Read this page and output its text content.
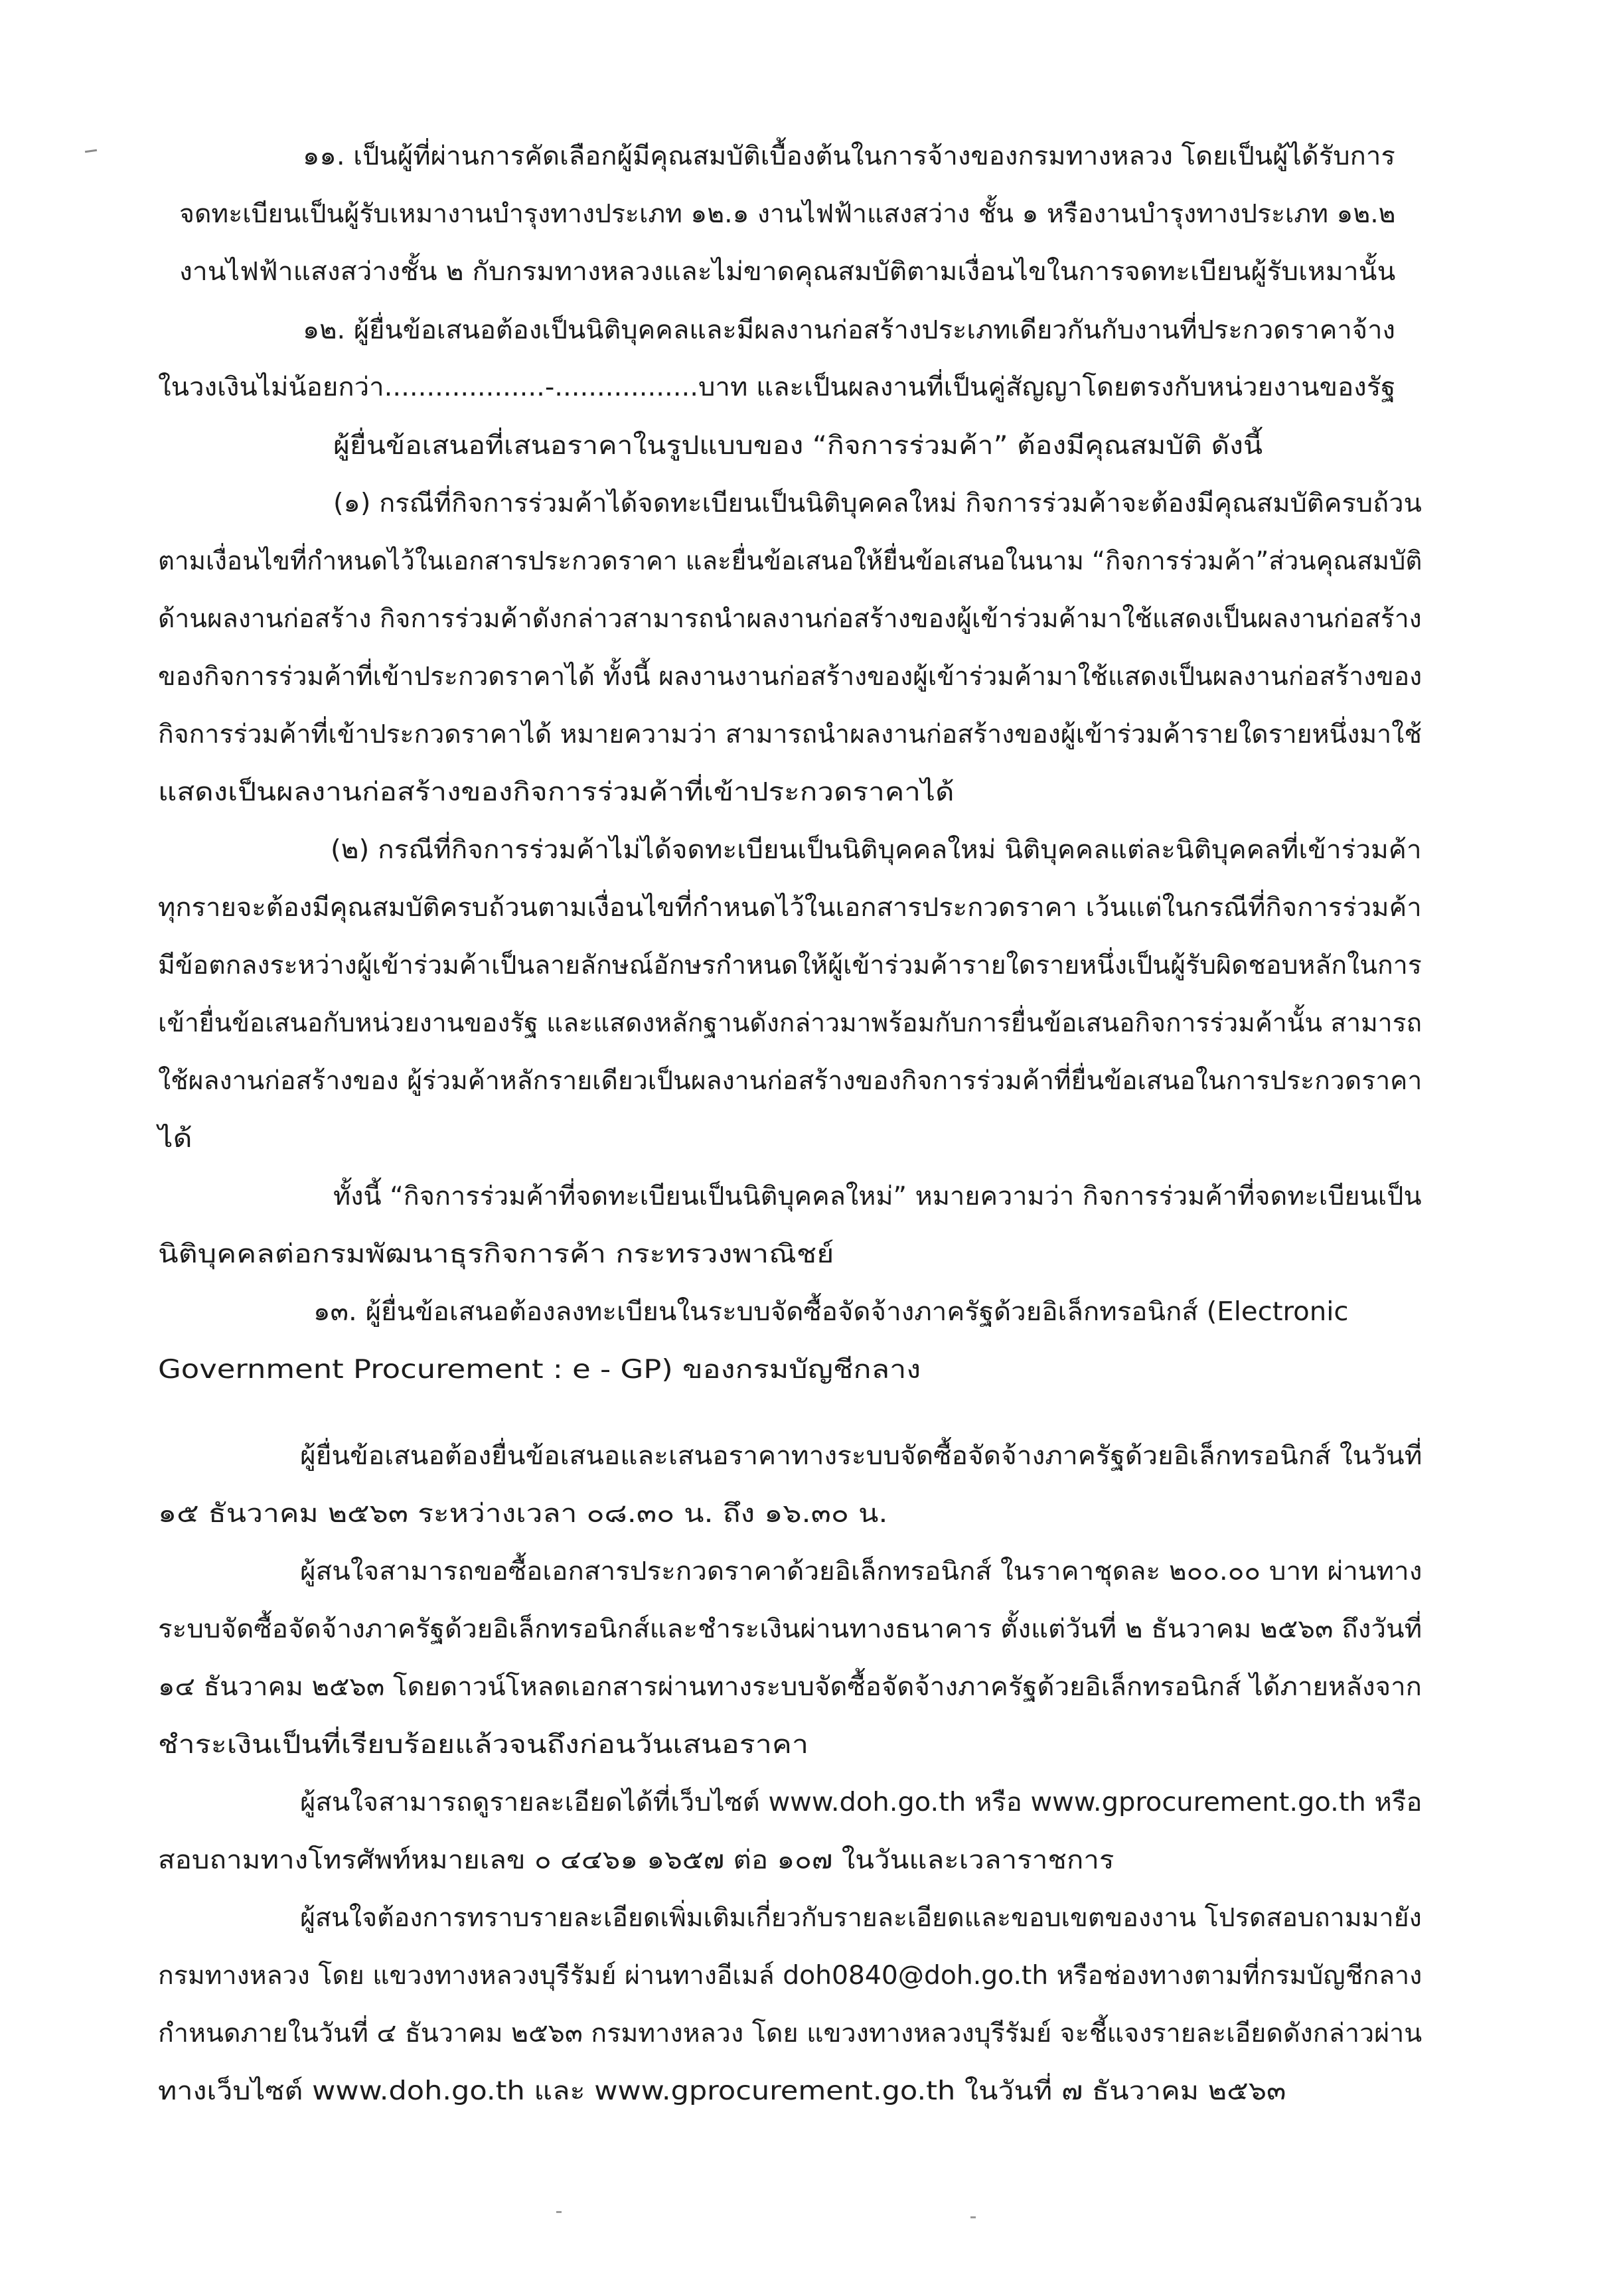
๑๑. เป็นผู้ที่ผ่านการคัดเลือกผู้มีคุณสมบัติเบื้องต้นในการจ้างของกรมทางหลวง โดยเป็นผู้ได้รับการ
จดทะเบียนเป็นผู้รับเหมางานบำรุงทางประเภท ๑๒.๑ งานไฟฟ้าแสงสว่าง ชั้น ๑ หรืองานบำรุงทางประเภท ๑๒.๒
งานไฟฟ้าแสงสว่างชั้น ๒ กับกรมทางหลวงและไม่ขาดคุณสมบัติตามเงื่อนไขในการจดทะเบียนผู้รับเหมานั้น
๑๒. ผู้ยื่นข้อเสนอต้องเป็นนิติบุคคลและมีผลงานก่อสร้างประเภทเดียวกันกับงานที่ประกวดราคาจ้าง
ในวงเงินไม่น้อยกว่า...................-.................บาท และเป็นผลงานที่เป็นคู่สัญญาโดยตรงกับหน่วยงานของรัฐ
ผู้ยื่นข้อเสนอที่เสนอราคาในรูปแบบของ “กิจการร่วมค้า” ต้องมีคุณสมบัติ ดังนี้
(๑) กรณีที่กิจการร่วมค้าได้จดทะเบียนเป็นนิติบุคคลใหม่ กิจการร่วมค้าจะต้องมีคุณสมบัติครบถ้วน
ตามเงื่อนไขที่กำหนดไว้ในเอกสารประกวดราคา และยื่นข้อเสนอให้ยื่นข้อเสนอในนาม “กิจการร่วมค้า”ส่วนคุณสมบัติ
ด้านผลงานก่อสร้าง กิจการร่วมค้าดังกล่าวสามารถนำผลงานก่อสร้างของผู้เข้าร่วมค้ามาใช้แสดงเป็นผลงานก่อสร้าง
ของกิจการร่วมค้าที่เข้าประกวดราคาได้ ทั้งนี้ ผลงานงานก่อสร้างของผู้เข้าร่วมค้ามาใช้แสดงเป็นผลงานก่อสร้างของ
กิจการร่วมค้าที่เข้าประกวดราคาได้ หมายความว่า สามารถนำผลงานก่อสร้างของผู้เข้าร่วมค้ารายใดรายหนึ่งมาใช้
แสดงเป็นผลงานก่อสร้างของกิจการร่วมค้าที่เข้าประกวดราคาได้
(๒) กรณีที่กิจการร่วมค้าไม่ได้จดทะเบียนเป็นนิติบุคคลใหม่ นิติบุคคลแต่ละนิติบุคคลที่เข้าร่วมค้า
ทุกรายจะต้องมีคุณสมบัติครบถ้วนตามเงื่อนไขที่กำหนดไว้ในเอกสารประกวดราคา เว้นแต่ในกรณีที่กิจการร่วมค้า
มีข้อตกลงระหว่างผู้เข้าร่วมค้าเป็นลายลักษณ์อักษรกำหนดให้ผู้เข้าร่วมค้ารายใดรายหนึ่งเป็นผู้รับผิดชอบหลักในการ
เข้ายื่นข้อเสนอกับหน่วยงานของรัฐ และแสดงหลักฐานดังกล่าวมาพร้อมกับการยื่นข้อเสนอกิจการร่วมค้านั้น สามารถ
ใช้ผลงานก่อสร้างของ ผู้ร่วมค้าหลักรายเดียวเป็นผลงานก่อสร้างของกิจการร่วมค้าที่ยื่นข้อเสนอในการประกวดราคา
ได้
ทั้งนี้ “กิจการร่วมค้าที่จดทะเบียนเป็นนิติบุคคลใหม่” หมายความว่า กิจการร่วมค้าที่จดทะเบียนเป็น
นิติบุคคลต่อกรมพัฒนาธุรกิจการค้า กระทรวงพาณิชย์
๑๓. ผู้ยื่นข้อเสนอต้องลงทะเบียนในระบบจัดซื้อจัดจ้างภาครัฐด้วยอิเล็กทรอนิกส์ (Electronic
Government Procurement : e - GP) ของกรมบัญชีกลาง
ผู้ยื่นข้อเสนอต้องยื่นข้อเสนอและเสนอราคาทางระบบจัดซื้อจัดจ้างภาครัฐด้วยอิเล็กทรอนิกส์ ในวันที่
๑๕ ธันวาคม ๒๕๖๓ ระหว่างเวลา ๐๘.๓๐ น. ถึง ๑๖.๓๐ น.
ผู้สนใจสามารถขอซื้อเอกสารประกวดราคาด้วยอิเล็กทรอนิกส์ ในราคาชุดละ ๒๐๐.๐๐ บาท ผ่านทาง
ระบบจัดซื้อจัดจ้างภาครัฐด้วยอิเล็กทรอนิกส์และชำระเงินผ่านทางธนาคาร ตั้งแต่วันที่ ๒ ธันวาคม ๒๕๖๓ ถึงวันที่
๑๔ ธันวาคม ๒๕๖๓ โดยดาวน์โหลดเอกสารผ่านทางระบบจัดซื้อจัดจ้างภาครัฐด้วยอิเล็กทรอนิกส์ ได้ภายหลังจาก
ชำระเงินเป็นที่เรียบร้อยแล้วจนถึงก่อนวันเสนอราคา
ผู้สนใจสามารถดูรายละเอียดได้ที่เว็บไซต์ www.doh.go.th หรือ www.gprocurement.go.th หรือ
สอบถามทางโทรศัพท์หมายเลข ๐ ๔๔๖๑ ๑๖๕๗ ต่อ ๑๐๗ ในวันและเวลาราชการ
ผู้สนใจต้องการทราบรายละเอียดเพิ่มเติมเกี่ยวกับรายละเอียดและขอบเขตของงาน โปรดสอบถามมายัง
กรมทางหลวง โดย แขวงทางหลวงบุรีรัมย์ ผ่านทางอีเมล์ doh0840@doh.go.th หรือช่องทางตามที่กรมบัญชีกลาง
กำหนดภายในวันที่ ๔ ธันวาคม ๒๕๖๓ กรมทางหลวง โดย แขวงทางหลวงบุรีรัมย์ จะชี้แจงรายละเอียดดังกล่าวผ่าน
ทางเว็บไซต์ www.doh.go.th และ www.gprocurement.go.th ในวันที่ ๗ ธันวาคม ๒๕๖๓
